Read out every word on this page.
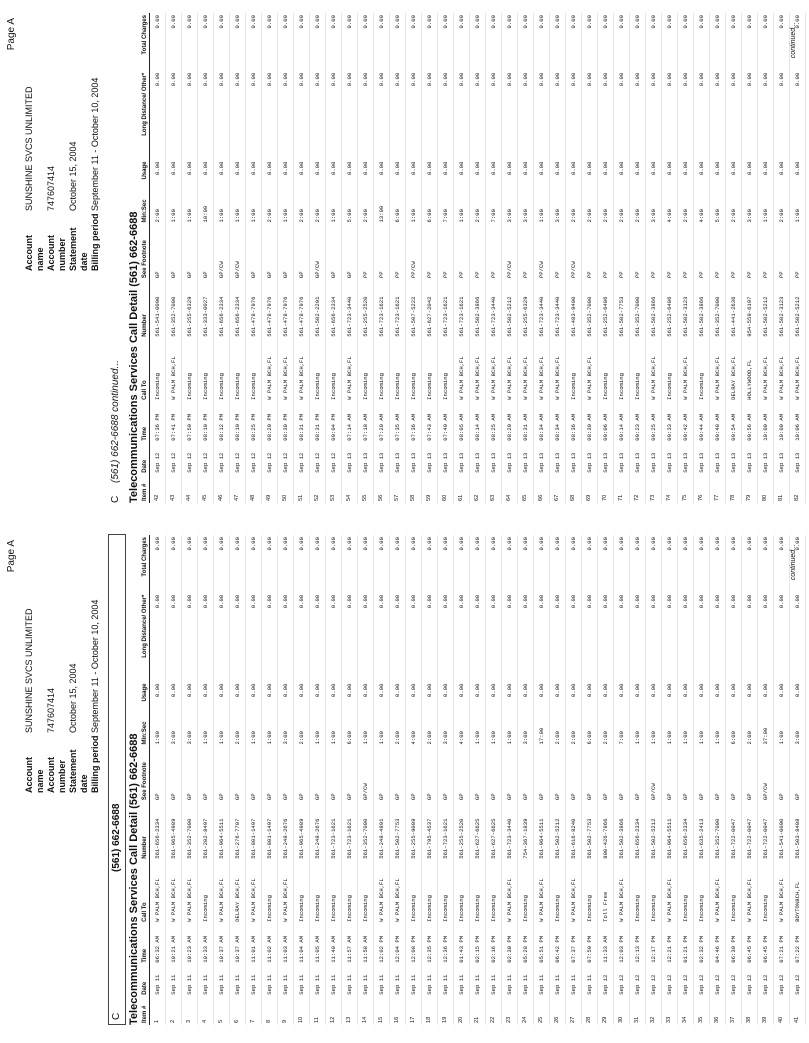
Page A
Account name
SUNSHINE SVCS UNLIMITED
Account number
747607414
Statement date
October 15, 2004
Billing period
September 11 - October 10, 2004
C
(561) 662-6688 Telecommunications Services Call Detail (561) 662-6688 Item #	Date	Time	Call To	Number	See Footnote	Min:Sec	Usage	Long Distance/ Other*	Total Charges
1	Sep 11	06:32 AM	W PALM BCH,FL	561-656-2334	GP	1:00	0.00	0.00	0.00
2	Sep 11	10:21 AM	W PALM BCH,FL	561-965-4989	GP	3:00	0.00	0.00	0.00
3	Sep 11	10:23 AM	W PALM BCH,FL	561-352-7000	GP	3:00	0.00	0.00	0.00
4	Sep 11	10:33 AM	Incoming	561-202-8497	GP	1:00	0.00	0.00	0.00
5	Sep 11	10:37 AM	W PALM BCH,FL	561-964-5511	GP	1:00	0.00	0.00	0.00
6	Sep 11	10:37 AM	DELRAY BCH,FL	561-276-7707	GP	2:00	0.00	0.00	0.00
7	Sep 11	11:01 AM	W PALM BCH,FL	561-801-1497	GP	1:00	0.00	0.00	0.00
8	Sep 11	11:02 AM	Incoming	561-801-1497	GP	1:00	0.00	0.00	0.00
9	Sep 11	11:03 AM	W PALM BCH,FL	561-248-2676	GP	3:00	0.00	0.00	0.00
10	Sep 11	11:04 AM	Incoming	561-965-4989	GP	2:00	0.00	0.00	0.00
11	Sep 11	11:05 AM	Incoming	561-248-2676	GP	1:00	0.00	0.00	0.00
12	Sep 11	11:40 AM	Incoming	561-723-1621	GP	1:00	0.00	0.00	0.00
13	Sep 11	11:57 AM	Incoming	561-723-1621	GP	6:00	0.00	0.00	0.00
14	Sep 11	11:58 AM	Incoming	561-352-7000	GP/CW	1:00	0.00	0.00	0.00
15	Sep 11	12:02 PM	W PALM BCH,FL	561-248-4891	GP	1:00	0.00	0.00	0.00
16	Sep 11	12:04 PM	W PALM BCH,FL	561-502-7753	GP	2:00	0.00	0.00	0.00
17	Sep 11	12:08 PM	Incoming	561-255-9009	GP	4:00	0.00	0.00	0.00
18	Sep 11	12:35 PM	Incoming	561-795-4537	GP	2:00	0.00	0.00	0.00
19	Sep 11	12:36 PM	Incoming	561-723-1621	GP	3:00	0.00	0.00	0.00
20	Sep 11	01:43 PM	Incoming	561-255-2520	GP	4:00	0.00	0.00	0.00
21	Sep 11	02:15 PM	Incoming	561-627-6625	GP	1:00	0.00	0.00	0.00
22	Sep 11	02:16 PM	Incoming	561-627-6625	GP	1:00	0.00	0.00	0.00
23	Sep 11	02:30 PM	W PALM BCH,FL	561-723-3440	GP	1:00	0.00	0.00	0.00
24	Sep 11	05:28 PM	Incoming	754-367-1839	GP	3:00	0.00	0.00	0.00
25	Sep 11	05:51 PM	W PALM BCH,FL	561-964-5511	GP	17:00	0.00	0.00	0.00
26	Sep 11	06:42 PM	Incoming	561-502-5212	GP	2:00	0.00	0.00	0.00
27	Sep 11	07:37 PM	W PALM BCH,FL	561-616-8240	GP	2:00	0.00	0.00	0.00
28	Sep 11	07:59 PM	Incoming	561-502-7753	GP	6:00	0.00	0.00	0.00
29	Sep 12	11:33 AM	Toll Free	800-426-7866	GP	2:00	0.00	0.00	0.00
30	Sep 12	12:03 PM	W PALM BCH,FL	561-502-3866	GP	7:00	0.00	0.00	0.00
31	Sep 12	12:13 PM	Incoming	561-656-2334	GP	1:00	0.00	0.00	0.00
32	Sep 12	12:17 PM	Incoming	561-502-5212	GP/CW	1:00	0.00	0.00	0.00
33	Sep 12	12:21 PM	W PALM BCH,FL	561-964-5511	GP	1:00	0.00	0.00	0.00
34	Sep 12	01:21 PM	Incoming	561-656-2334	GP	1:00	0.00	0.00	0.00
35	Sep 12	02:32 PM	Incoming	561-635-2413	GP	1:00	0.00	0.00	0.00
36	Sep 12	04:46 PM	W PALM BCH,FL	561-352-7000	GP	1:00	0.00	0.00	0.00
37	Sep 12	06:39 PM	Incoming	561-722-0047	GP	6:00	0.00	0.00	0.00
38	Sep 12	06:45 PM	W PALM BCH,FL	561-722-0047	GP	2:00	0.00	0.00	0.00
39	Sep 12	06:45 PM	Incoming	561-722-0047	GP/CW	37:00	0.00	0.00	0.00
40	Sep 12	07:21 PM	W PALM BCH,FL	561-541-0090	GP	1:00	0.00	0.00	0.00
41	Sep 12	07:22 PM	BOYTONBCH,FL	561-503-8408	GP	3:00	0.00	0.00	0.00
continued...
Page A
Account name
SUNSHINE SVCS UNLIMITED
Account number
747607414
Statement date
October 15, 2004
Billing period
September 11 - October 10, 2004
C (561) 662-6688 continued... Telecommunications Services Call Detail (561) 662-6688 Item #	Date	Time	Call To	Number	See Footnote	Min:Sec	Usage	Long Distance/ Other*	Total Charges
42	Sep 12	07:36 PM	Incoming	561-541-0090	GP	2:00	0.00	0.00	0.00
43	Sep 12	07:41 PM	W PALM BCH,FL	561-352-7000	GP	1:00	0.00	0.00	0.00
44	Sep 12	07:59 PM	Incoming	561-255-6329	GP	1:00	0.00	0.00	0.00
45	Sep 12	08:10 PM	Incoming	561-333-0027	GP	10:00	0.00	0.00	0.00
46	Sep 12	08:12 PM	Incoming	561-656-2334	GP/CW	1:00	0.00	0.00	0.00
47	Sep 12	08:19 PM	Incoming	561-656-2334	GP/CW	1:00	0.00	0.00	0.00
48	Sep 12	08:25 PM	Incoming	561-478-7976	GP	1:00	0.00	0.00	0.00
49	Sep 12	08:29 PM	W PALM BCH,FL	561-478-7976	GP	2:00	0.00	0.00	0.00
50	Sep 12	08:30 PM	W PALM BCH,FL	561-478-7976	GP	1:00	0.00	0.00	0.00
51	Sep 12	08:31 PM	W PALM BCH,FL	561-478-7976	GP	2:00	0.00	0.00	0.00
52	Sep 12	08:31 PM	Incoming	561-502-2291	GP/CW	2:00	0.00	0.00	0.00
53	Sep 12	09:04 PM	Incoming	561-656-2334	GP	1:00	0.00	0.00	0.00
54	Sep 13	07:14 AM	W PALM BCH,FL	561-723-3440	GP	5:00	0.00	0.00	0.00
55	Sep 13	07:18 AM	Incoming	561-255-2520	PP	2:00	0.00	0.00	0.00
56	Sep 13	07:20 AM	Incoming	561-723-1621	PP	13:00	0.00	0.00	0.00
57	Sep 13	07:35 AM	Incoming	561-723-1621	PP	6:00	0.00	0.00	0.00
58	Sep 13	07:36 AM	Incoming	561-507-5222	PP/CW	1:00	0.00	0.00	0.00
59	Sep 13	07:43 AM	Incoming	561-627-2042	PP	6:00	0.00	0.00	0.00
60	Sep 13	07:49 AM	Incoming	561-723-1621	PP	7:00	0.00	0.00	0.00
61	Sep 13	08:05 AM	W PALM BCH,FL	561-723-1621	PP	1:00	0.00	0.00	0.00
62	Sep 13	08:14 AM	W PALM BCH,FL	561-502-3866	PP	2:00	0.00	0.00	0.00
63	Sep 13	08:25 AM	W PALM BCH,FL	561-723-3440	PP	7:00	0.00	0.00	0.00
64	Sep 13	08:29 AM	W PALM BCH,FL	561-502-5212	PP/CW	3:00	0.00	0.00	0.00
65	Sep 13	08:31 AM	W PALM BCH,FL	561-255-6329	PP	3:00	0.00	0.00	0.00
66	Sep 13	08:34 AM	W PALM BCH,FL	561-723-3440	PP/CW	1:00	0.00	0.00	0.00
67	Sep 13	08:34 AM	W PALM BCH,FL	561-723-3440	PP	3:00	0.00	0.00	0.00
68	Sep 13	08:36 AM	Incoming	561-483-8400	PP/CW	2:00	0.00	0.00	0.00
69	Sep 13	08:39 AM	W PALM BCH,FL	561-352-7000	PP	2:00	0.00	0.00	0.00
70	Sep 13	09:06 AM	Incoming	561-252-6406	PP	2:00	0.00	0.00	0.00
71	Sep 13	09:14 AM	Incoming	561-502-7753	PP	2:00	0.00	0.00	0.00
72	Sep 13	09:23 AM	Incoming	561-352-7000	PP	2:00	0.00	0.00	0.00
73	Sep 13	09:25 AM	W PALM BCH,FL	561-502-3866	PP	3:00	0.00	0.00	0.00
74	Sep 13	09:33 AM	Incoming	561-252-6406	PP	4:00	0.00	0.00	0.00
75	Sep 13	09:42 AM	W PALM BCH,FL	561-502-3123	PP	2:00	0.00	0.00	0.00
76	Sep 13	09:44 AM	Incoming	561-502-3866	PP	4:00	0.00	0.00	0.00
77	Sep 13	09:48 AM	W PALM BCH,FL	561-352-7000	PP	5:00	0.00	0.00	0.00
78	Sep 13	09:54 AM	DELRAY BCH,FL	561-441-2636	PP	2:00	0.00	0.00	0.00
79	Sep 13	09:56 AM	HOLLYWOOD,FL	954-559-6197	PP	3:00	0.00	0.00	0.00
80	Sep 13	10:00 AM	W PALM BCH,FL	561-502-5212	PP	1:00	0.00	0.00	0.00
81	Sep 13	10:00 AM	W PALM BCH,FL	561-502-3123	PP	2:00	0.00	0.00	0.00
82	Sep 13	10:06 AM	W PALM BCH,FL	561-502-5212	PP	1:00	0.00	0.00	0.00
continued...
